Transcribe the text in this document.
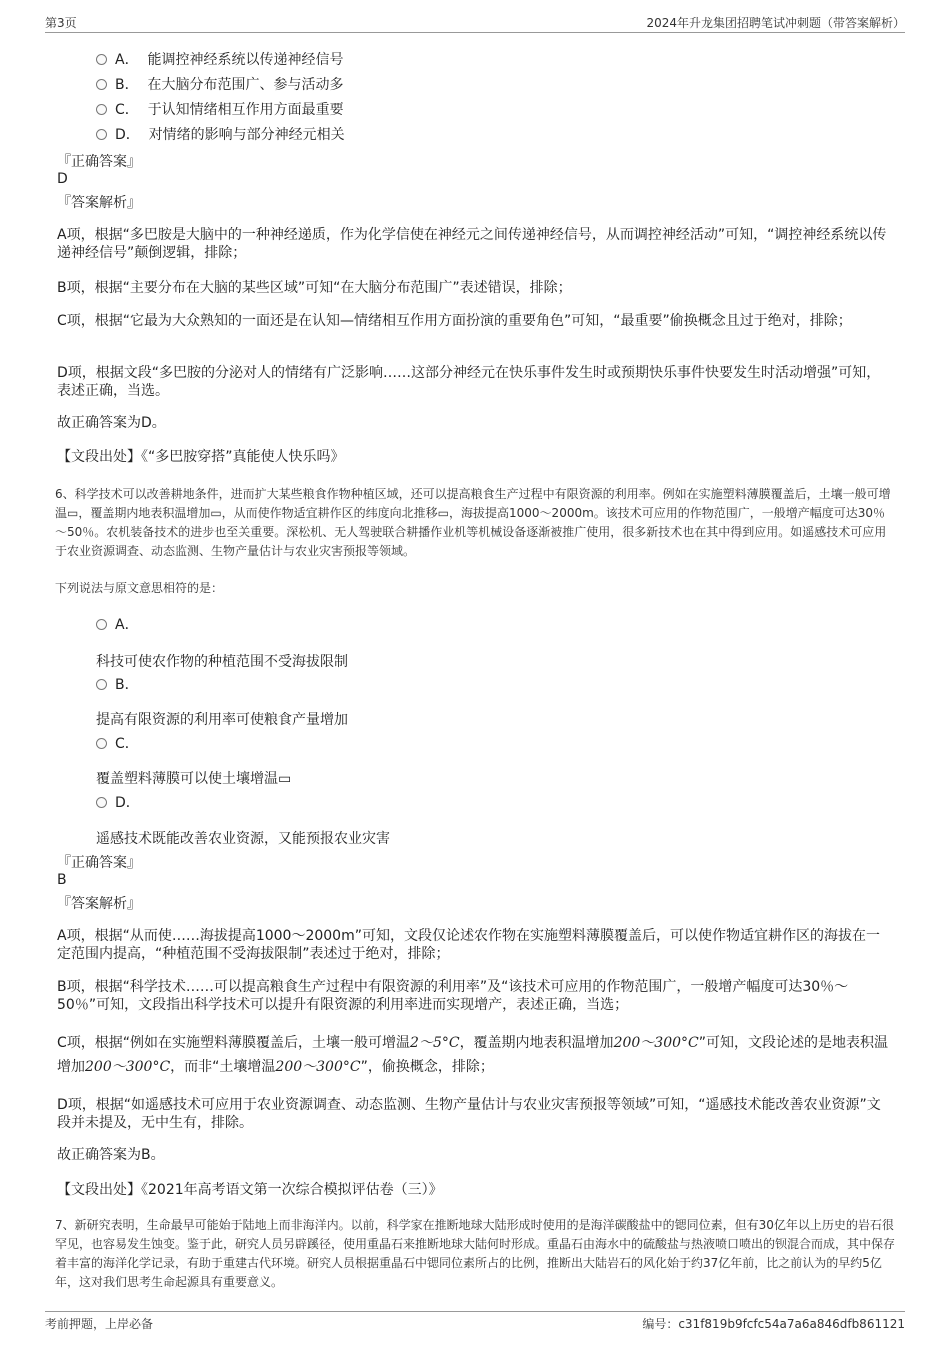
第3页	2024年升龙集团招聘笔试冲刺题（带答案解析）
A． 能调控神经系统以传递神经信号
B． 在大脑分布范围广、参与活动多
C． 于认知情绪相互作用方面最重要
D． 对情绪的影响与部分神经元相关
『正确答案』
D
『答案解析』
A项，根据“多巴胺是大脑中的一种神经递质，作为化学信使在神经元之间传递神经信号，从而调控神经活动”可知，“调控神经系统以传递神经信号”颠倒逻辑，排除；
B项，根据“主要分布在大脑的某些区域”可知“在大脑分布范围广”表述错误，排除；
C项，根据“它最为大众熟知的一面还是在认知—情绪相互作用方面扮演的重要角色”可知，“最重要”偷换概念且过于绝对，排除；
D项，根据文段“多巴胺的分泌对人的情绪有广泛影响……这部分神经元在快乐事件发生时或预期快乐事件快要发生时活动增强”可知，表述正确，当选。
故正确答案为D。
【文段出处】《“多巴胺穿搭”真能使人快乐吗》
6、科学技术可以改善耕地条件，进而扩大某些粮食作物种植区域，还可以提高粮食生产过程中有限资源的利用率。例如在实施塑料薄膜覆盖后，土壤一般可增温▭，覆盖期内地表积温增加▭，从而使作物适宜耕作区的纬度向北推移▭，海拔提高1000～2000m。该技术可应用的作物范围广，一般增产幅度可达30％～50％。农机装备技术的进步也至关重要。深松机、无人驾驶联合耕播作业机等机械设备逐渐被推广使用，很多新技术也在其中得到应用。如遥感技术可应用于农业资源调查、动态监测、生物产量估计与农业灾害预报等领域。
下列说法与原文意思相符的是：
A．
科技可使农作物的种植范围不受海拔限制
B．
提高有限资源的利用率可使粮食产量增加
C．
覆盖塑料薄膜可以使土壤增温▭
D．
遥感技术既能改善农业资源，又能预报农业灾害
『正确答案』
B
『答案解析』
A项，根据“从而使……海拔提高1000～2000m”可知，文段仅论述农作物在实施塑料薄膜覆盖后，可以使作物适宜耕作区的海拔在一定范围内提高，“种植范围不受海拔限制”表述过于绝对，排除；
B项，根据“科学技术……可以提高粮食生产过程中有限资源的利用率”及“该技术可应用的作物范围广，一般增产幅度可达30％～50％”可知，文段指出科学技术可以提升有限资源的利用率进而实现增产，表述正确，当选；
C项，根据“例如在实施塑料薄膜覆盖后，土壤一般可增温2～5°C，覆盖期内地表积温增加200～300°C”可知，文段论述的是地表积温增加200～300°C，而非“土壤增温200～300°C”，偷换概念，排除；
D项，根据“如遥感技术可应用于农业资源调查、动态监测、生物产量估计与农业灾害预报等领域”可知，“遥感技术能改善农业资源”文段并未提及，无中生有，排除。
故正确答案为B。
【文段出处】《2021年高考语文第一次综合模拟评估卷（三）》
7、新研究表明，生命最早可能始于陆地上而非海洋内。以前，科学家在推断地球大陆形成时使用的是海洋碳酸盐中的锶同位素，但有30亿年以上历史的岩石很罕见，也容易发生蚀变。鉴于此，研究人员另辟蹊径，使用重晶石来推断地球大陆何时形成。重晶石由海水中的硫酸盐与热液喷口喷出的钡混合而成，其中保存着丰富的海洋化学记录，有助于重建古代环境。研究人员根据重晶石中锶同位素所占的比例，推断出大陆岩石的风化始于约37亿年前，比之前认为的早约5亿年，这对我们思考生命起源具有重要意义。
考前押题，上岸必备	编号：c31f819b9fcfc54a7a6a846dfb861121
